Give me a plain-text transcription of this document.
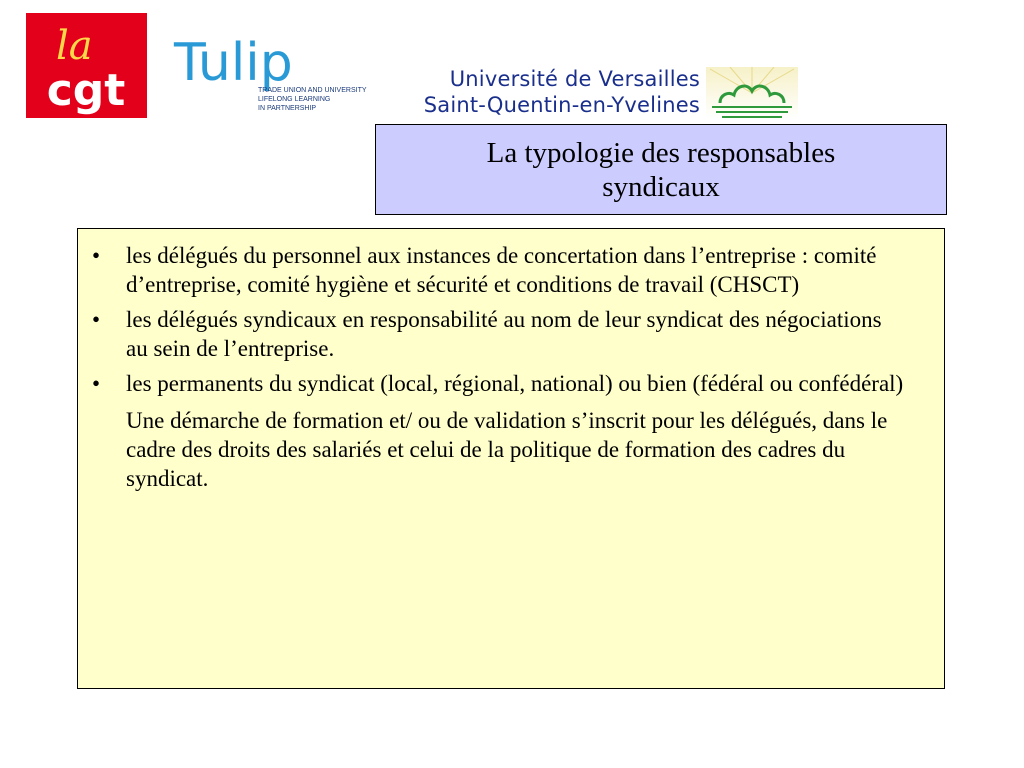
la
cgt Tulip
TRADE UNION AND UNIVERSITY
LIFELONG LEARNING
IN PARTNERSHIP
Université de Versailles
Saint-Quentin-en-Yvelines
La typologie des responsables
syndicaux
• les délégués du personnel aux instances de concertation dans l’entreprise : comité d’entreprise, comité hygiène et sécurité et conditions de travail (CHSCT)
• les délégués syndicaux en responsabilité au nom de leur syndicat des négociations au sein de l’entreprise.
• les permanents du syndicat (local, régional, national) ou bien (fédéral ou confédéral)
Une démarche de formation et/ ou de validation s’inscrit pour les délégués, dans le cadre des droits des salariés et celui de la politique de formation des cadres du syndicat.
